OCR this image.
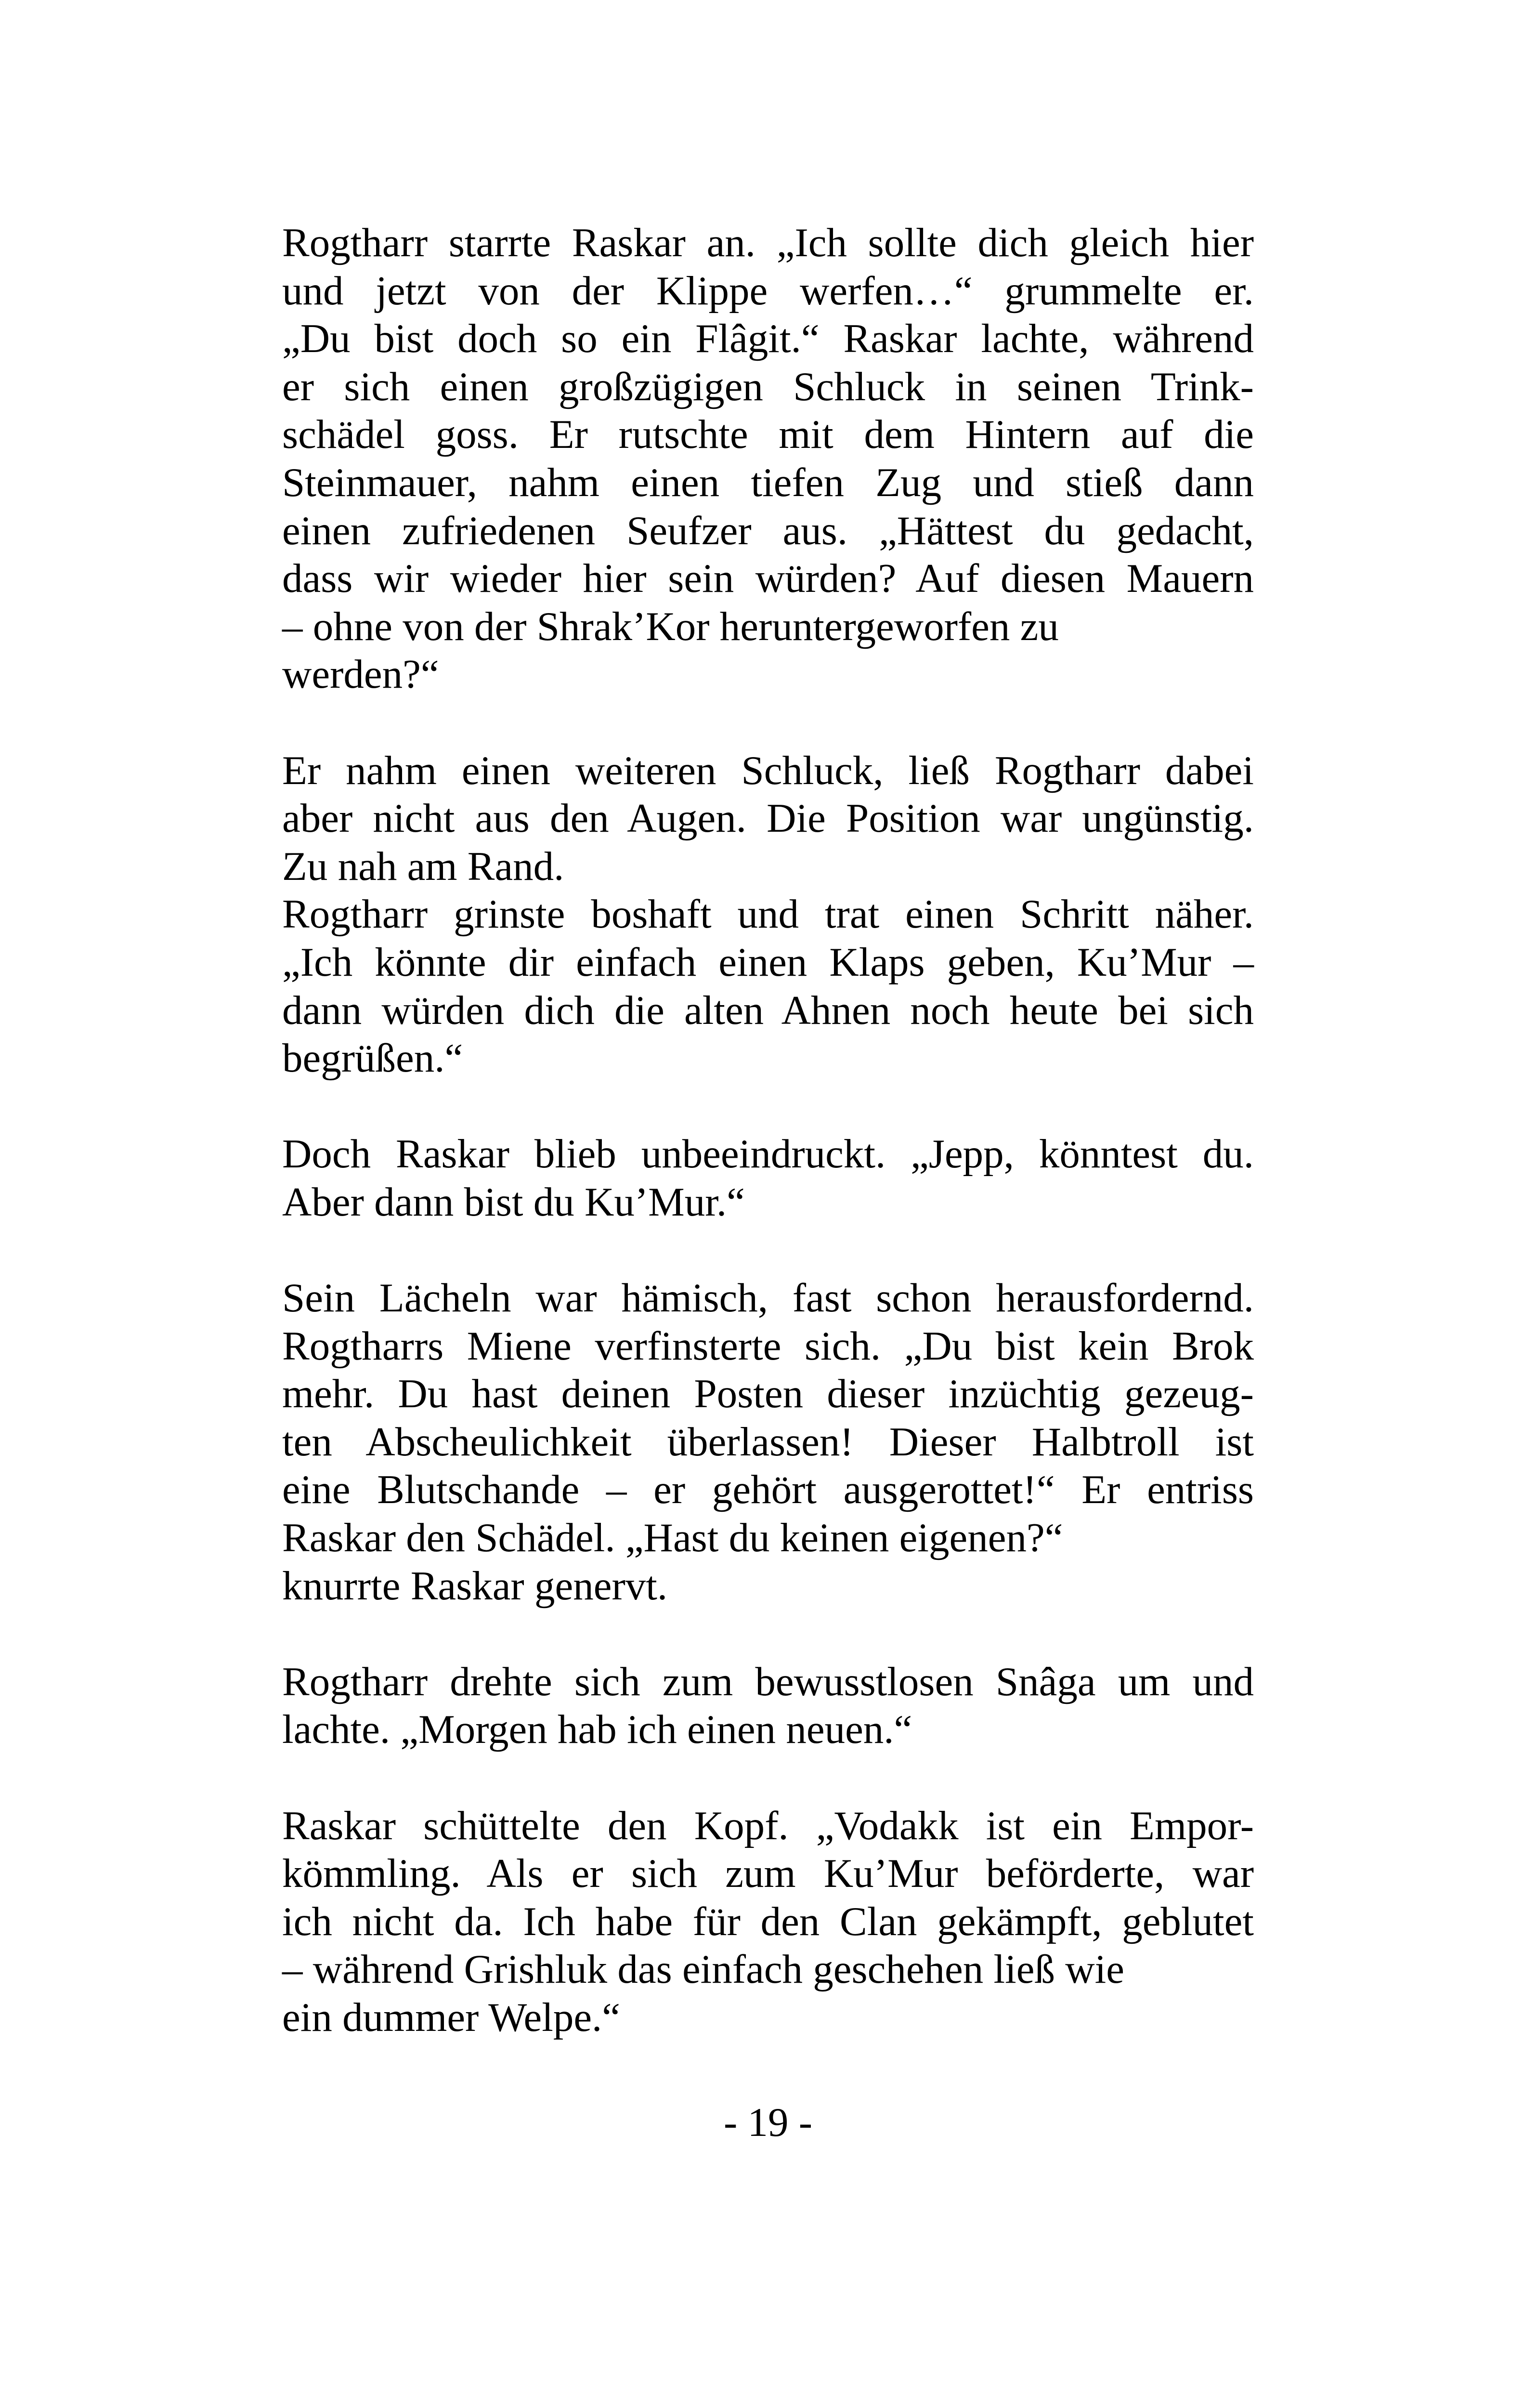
Rogtharr starrte Raskar an. „Ich sollte dich gleich hier
und jetzt von der Klippe werfen…“ grummelte er.
„Du bist doch so ein Flâgit.“ Raskar lachte, während
er sich einen großzügigen Schluck in seinen Trink-
schädel goss. Er rutschte mit dem Hintern auf die
Steinmauer, nahm einen tiefen Zug und stieß dann
einen zufriedenen Seufzer aus. „Hättest du gedacht,
dass wir wieder hier sein würden? Auf diesen Mauern
– ohne von der Shrak’Kor heruntergeworfen zu
werden?“
Er nahm einen weiteren Schluck, ließ Rogtharr dabei
aber nicht aus den Augen. Die Position war ungünstig.
Zu nah am Rand.
Rogtharr grinste boshaft und trat einen Schritt näher.
„Ich könnte dir einfach einen Klaps geben, Ku’Mur –
dann würden dich die alten Ahnen noch heute bei sich
begrüßen.“
Doch Raskar blieb unbeeindruckt. „Jepp, könntest du.
Aber dann bist du Ku’Mur.“
Sein Lächeln war hämisch, fast schon herausfordernd.
Rogtharrs Miene verfinsterte sich. „Du bist kein Brok
mehr. Du hast deinen Posten dieser inzüchtig gezeug-
ten Abscheulichkeit überlassen! Dieser Halbtroll ist
eine Blutschande – er gehört ausgerottet!“ Er entriss
Raskar den Schädel. „Hast du keinen eigenen?“
knurrte Raskar genervt.
Rogtharr drehte sich zum bewusstlosen Snâga um und
lachte. „Morgen hab ich einen neuen.“
Raskar schüttelte den Kopf. „Vodakk ist ein Empor-
kömmling. Als er sich zum Ku’Mur beförderte, war
ich nicht da. Ich habe für den Clan gekämpft, geblutet
– während Grishluk das einfach geschehen ließ wie
ein dummer Welpe.“
- 19 -
